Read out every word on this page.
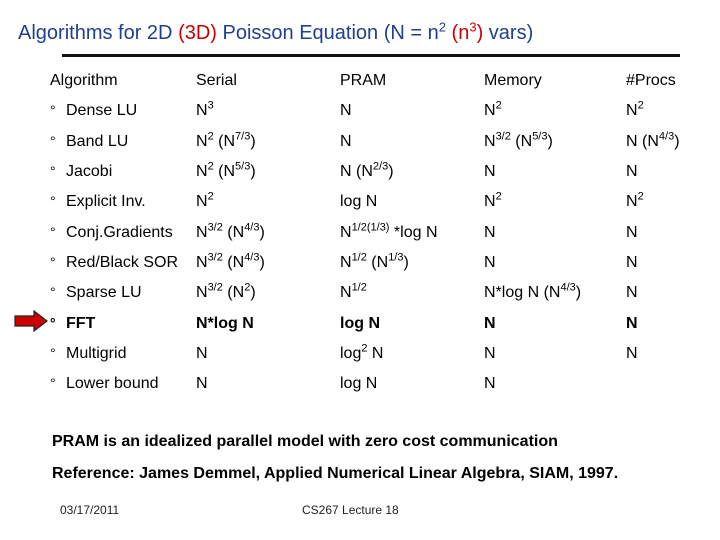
Algorithms for 2D (3D) Poisson Equation ($N = n^2$ $(n^3)$ vars)
Algorithm	Serial	PRAM	Memory	#Procs
° Dense LU	$N^3$	N	$N^2$	$N^2$
° Band LU	$N^2$ $(N^{7/3})$	N	$N^{3/2}$ $(N^{5/3})$	N $(N^{4/3})$
° Jacobi	$N^2$ $(N^{5/3})$	N $(N^{2/3})$	N	N
° Explicit Inv.	$N^2$	log N	$N^2$	$N^2$
° Conj.Gradients	$N^{3/2}$ $(N^{4/3})$	$N^{1/2(1/3)}$ *log N	N	N
° Red/Black SOR	$N^{3/2}$ $(N^{4/3})$	$N^{1/2}$ $(N^{1/3})$	N	N
° Sparse LU	$N^{3/2}$ $(N^2)$	$N^{1/2}$	N*log N $(N^{4/3})$	N
° FFT	N*log N	log N	N	N
° Multigrid	N	$\log^2 N$	N	N
° Lower bound	N	log N	N	
PRAM is an idealized parallel model with zero cost communication
Reference: James Demmel, Applied Numerical Linear Algebra, SIAM, 1997.
03/17/2011	CS267 Lecture 18
